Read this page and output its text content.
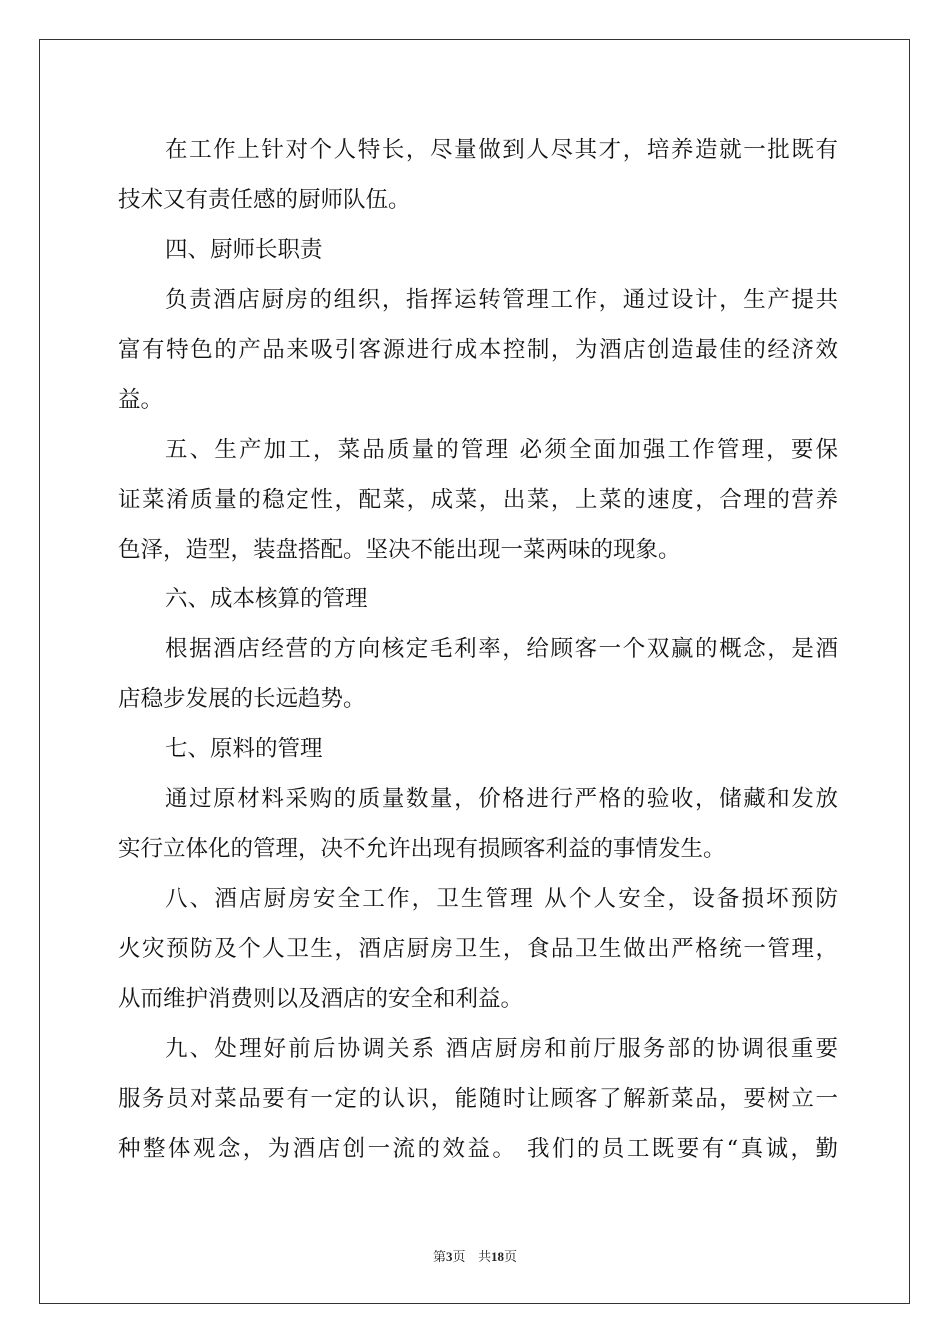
在工作上针对个人特长，尽量做到人尽其才，培养造就一批既有
技术又有责任感的厨师队伍。
四、厨师长职责
负责酒店厨房的组织，指挥运转管理工作，通过设计，生产提共
富有特色的产品来吸引客源进行成本控制，为酒店创造最佳的经济效
益。
五、生产加工，菜品质量的管理 必须全面加强工作管理，要保
证菜淆质量的稳定性，配菜，成菜，出菜，上菜的速度，合理的营养
色泽，造型，装盘搭配。坚决不能出现一菜两味的现象。
六、成本核算的管理
根据酒店经营的方向核定毛利率，给顾客一个双赢的概念，是酒
店稳步发展的长远趋势。
七、原料的管理
通过原材料采购的质量数量，价格进行严格的验收，储藏和发放
实行立体化的管理，决不允许出现有损顾客利益的事情发生。
八、酒店厨房安全工作，卫生管理 从个人安全，设备损坏预防
火灾预防及个人卫生，酒店厨房卫生，食品卫生做出严格统一管理，
从而维护消费则以及酒店的安全和利益。
九、处理好前后协调关系 酒店厨房和前厅服务部的协调很重要
服务员对菜品要有一定的认识，能随时让顾客了解新菜品，要树立一
种整体观念，为酒店创一流的效益。 我们的员工既要有“真诚，勤
第3页 共18页
